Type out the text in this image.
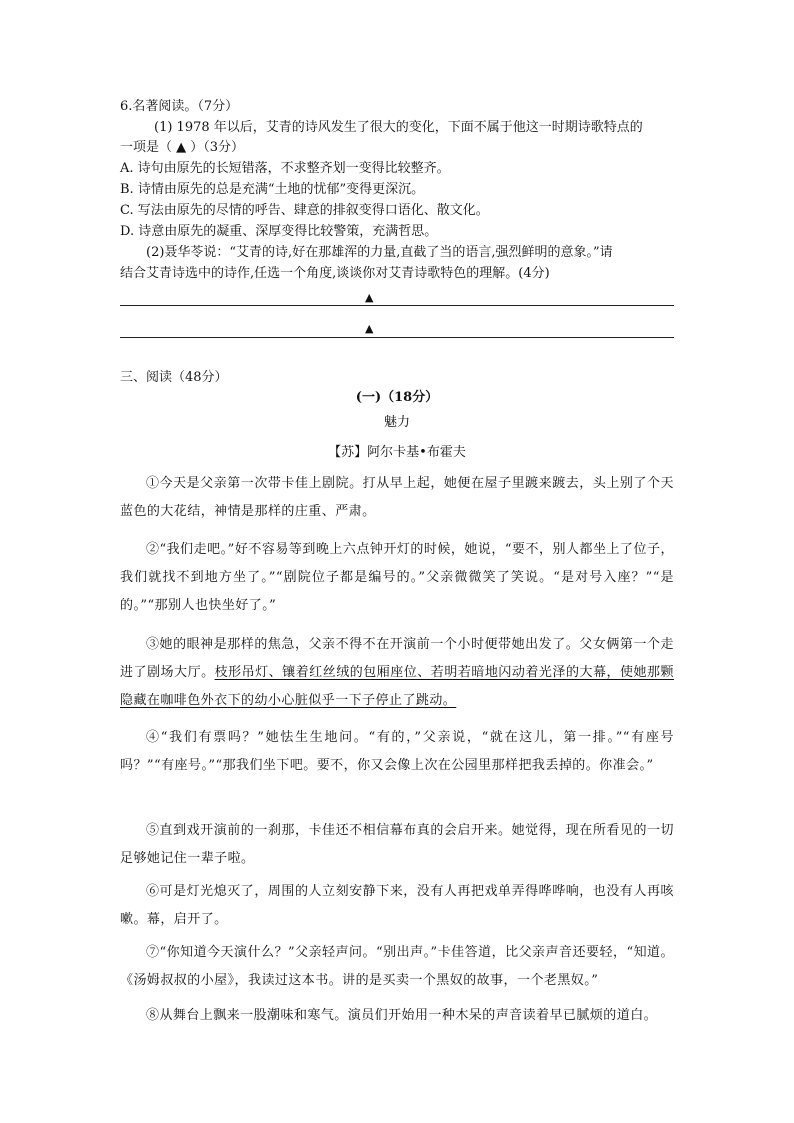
6.名著阅读。（7分）
(1) 1978 年以后，艾青的诗风发生了很大的变化，下面不属于他这一时期诗歌特点的
一项是（ ▲ ）（3分）
A. 诗句由原先的长短错落，不求整齐划一变得比较整齐。
B. 诗情由原先的总是充满“土地的忧郁”变得更深沉。
C. 写法由原先的尽情的呼告、肆意的排叙变得口语化、散文化。
D. 诗意由原先的凝重、深厚变得比较警策，充满哲思。
(2)聂华苓说：“艾青的诗,好在那雄浑的力量,直截了当的语言,强烈鲜明的意象。”请
结合艾青诗选中的诗作,任选一个角度,谈谈你对艾青诗歌特色的理解。(4分)
▲
▲
三、阅读（48分）
(一)（18分）
魅力
【苏】阿尔卡基•布霍夫
①今天是父亲第一次带卡佳上剧院。打从早上起，她便在屋子里踱来踱去，头上别了个天蓝色的大花结，神情是那样的庄重、严肃。
②“我们走吧。”好不容易等到晚上六点钟开灯的时候，她说，“要不，别人都坐上了位子，我们就找不到地方坐了。”“剧院位子都是编号的。”父亲微微笑了笑说。“是对号入座？”“是的。”“那别人也快坐好了。”
③她的眼神是那样的焦急，父亲不得不在开演前一个小时便带她出发了。父女俩第一个走进了剧场大厅。枝形吊灯、镶着红丝绒的包厢座位、若明若暗地闪动着光泽的大幕，使她那颗隐藏在咖啡色外衣下的幼小心脏似乎一下子停止了跳动。
④“我们有票吗？”她怯生生地问。“有的，”父亲说，“就在这儿，第一排。”“有座号吗？”“有座号。”“那我们坐下吧。要不，你又会像上次在公园里那样把我丢掉的。你准会。”
⑤直到戏开演前的一刹那，卡佳还不相信幕布真的会启开来。她觉得，现在所看见的一切足够她记住一辈子啦。
⑥可是灯光熄灭了，周围的人立刻安静下来，没有人再把戏单弄得哗哗响，也没有人再咳嗽。幕，启开了。
⑦“你知道今天演什么？”父亲轻声问。“别出声。”卡佳答道，比父亲声音还要轻，“知道。《汤姆叔叔的小屋》，我读过这本书。讲的是买卖一个黑奴的故事，一个老黑奴。”
⑧从舞台上飘来一股潮味和寒气。演员们开始用一种木呆的声音读着早已腻烦的道白。
